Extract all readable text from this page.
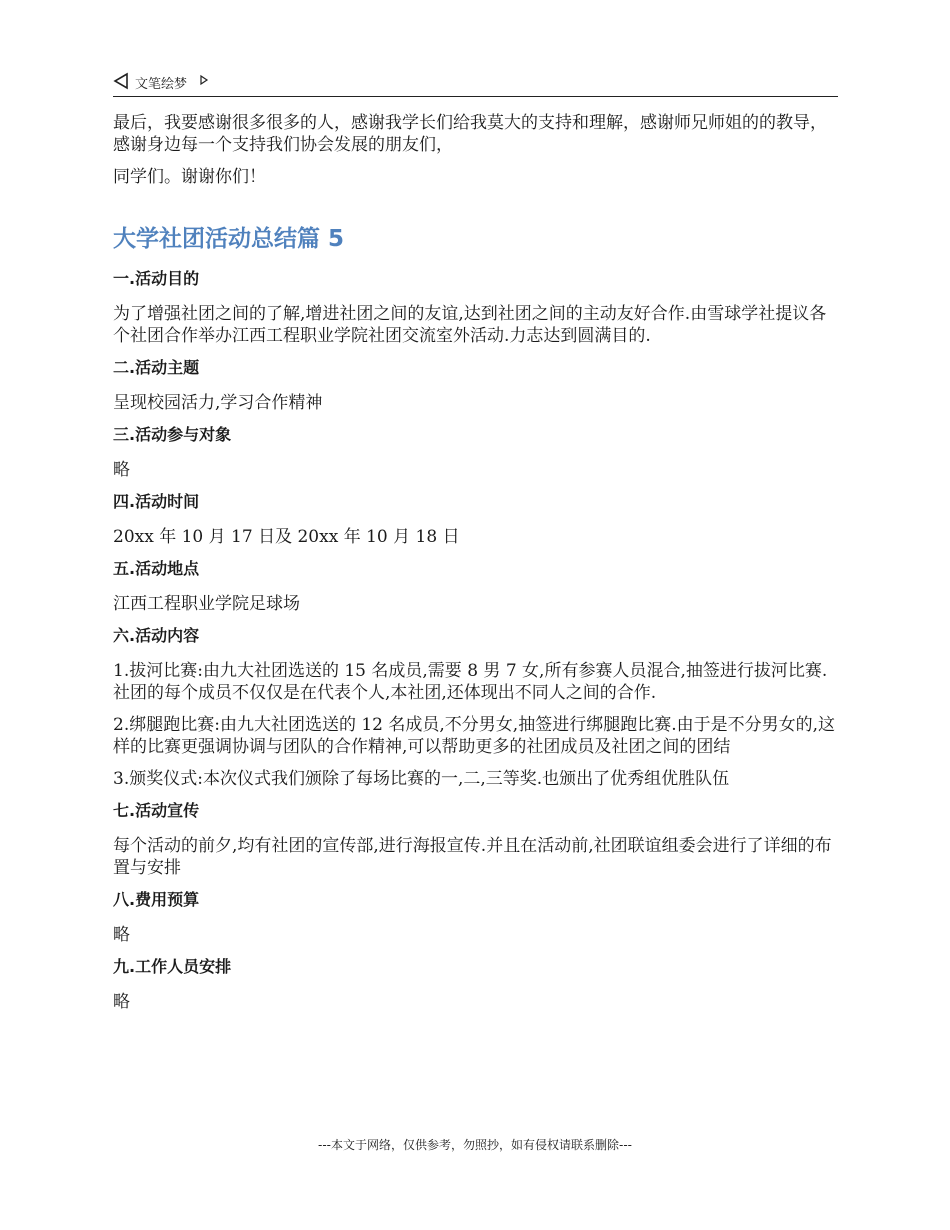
文笔绘梦

最后，我要感谢很多很多的人，感谢我学长们给我莫大的支持和理解，感谢师兄师姐的的教导，感谢身边每一个支持我们协会发展的朋友们，

同学们。谢谢你们！

大学社团活动总结篇 5
一.活动目的

为了增强社团之间的了解,增进社团之间的友谊,达到社团之间的主动友好合作.由雪球学社提议各个社团合作举办江西工程职业学院社团交流室外活动.力志达到圆满目的.

二.活动主题

呈现校园活力,学习合作精神

三.活动参与对象

略

四.活动时间

20xx 年 10 月 17 日及 20xx 年 10 月 18 日

五.活动地点

江西工程职业学院足球场

六.活动内容

1.拔河比赛:由九大社团选送的 15 名成员,需要 8 男 7 女,所有参赛人员混合,抽签进行拔河比赛.社团的每个成员不仅仅是在代表个人,本社团,还体现出不同人之间的合作.

2.绑腿跑比赛:由九大社团选送的 12 名成员,不分男女,抽签进行绑腿跑比赛.由于是不分男女的,这样的比赛更强调协调与团队的合作精神,可以帮助更多的社团成员及社团之间的团结

3.颁奖仪式:本次仪式我们颁除了每场比赛的一,二,三等奖.也颁出了优秀组优胜队伍

七.活动宣传

每个活动的前夕,均有社团的宣传部,进行海报宣传.并且在活动前,社团联谊组委会进行了详细的布置与安排

八.费用预算

略

九.工作人员安排

略

---本文于网络，仅供参考，勿照抄，如有侵权请联系删除---
